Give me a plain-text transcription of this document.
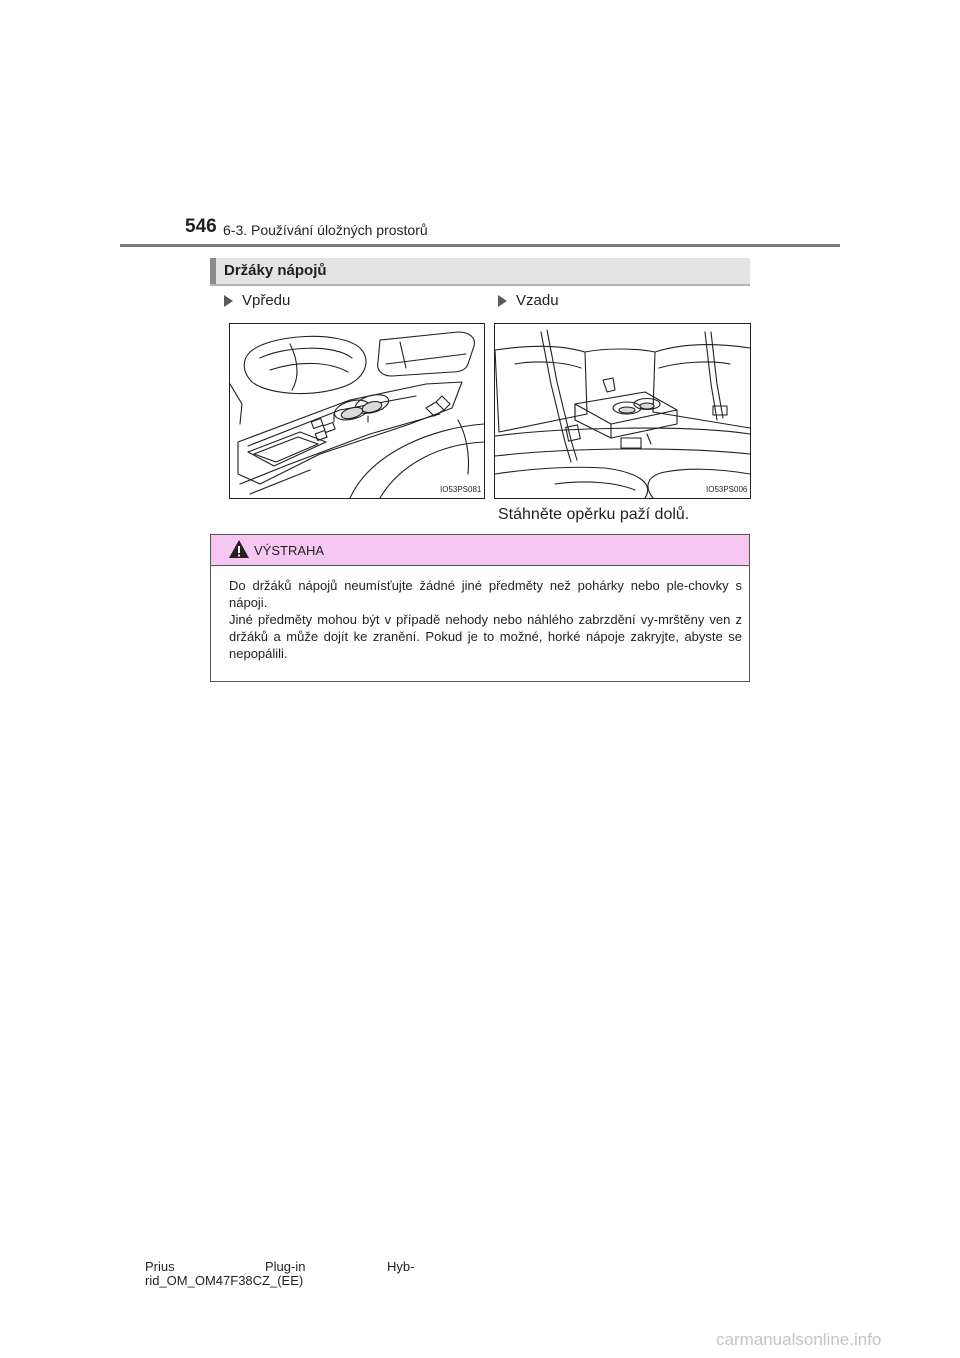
546 6-3. Používání úložných prostorů
Držáky nápojů
Vpředu	Vzadu
IO53PS081	IO53PS006
Stáhněte opěrku paží dolů.
VÝSTRAHA

Do držáků nápojů neumísťujte žádné jiné předměty než pohárky nebo ple-chovky s nápoji.

Jiné předměty mohou být v případě nehody nebo náhlého zabrzdění vy-mrštěny ven z držáků a může dojít ke zranění. Pokud je to možné, horké nápoje zakryjte, abyste se nepopálili.

Prius	Plug-in	Hyb-
rid_OM_OM47F38CZ_(EE)
carmanualsonline.info
